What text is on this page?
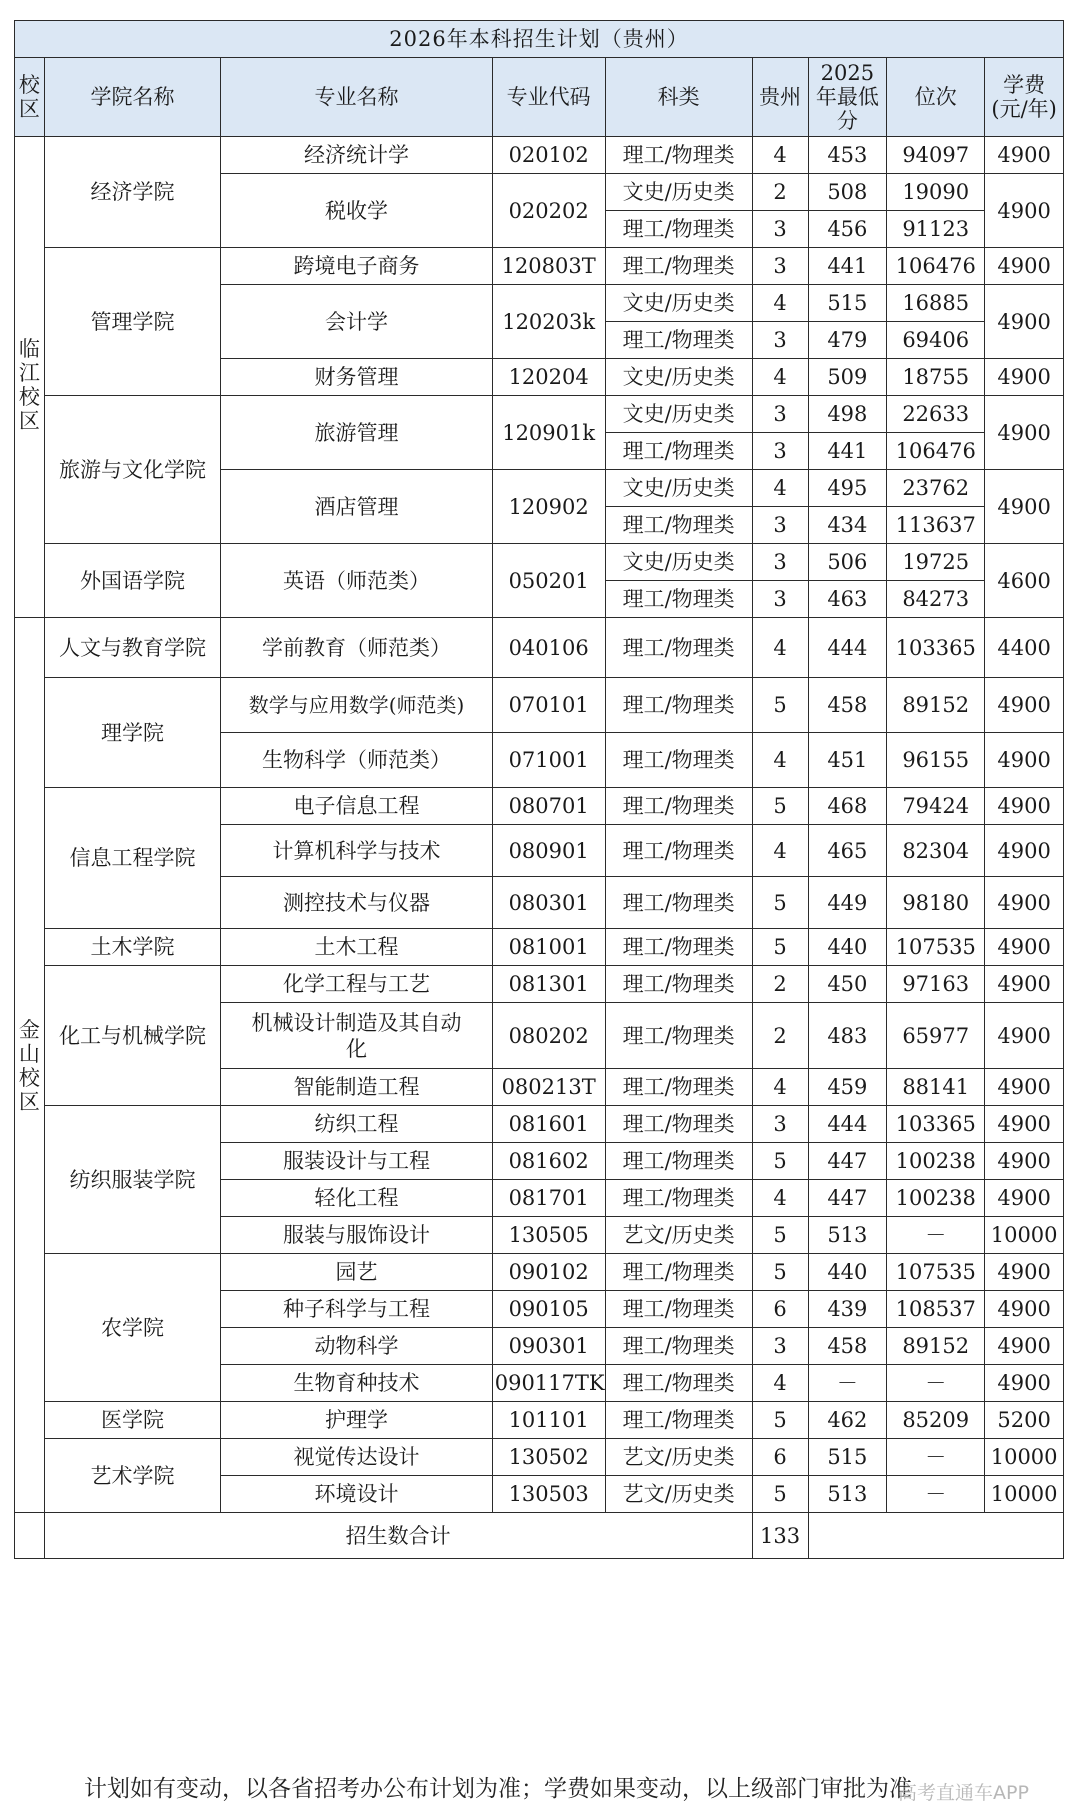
2026年本科招生计划（贵州）								
校区	学院名称	专业名称	专业代码	科类	贵州	2025年最低分	位次	学费(元/年)
临江校区	经济学院	经济统计学	020102	理工/物理类	4	453	94097	4900
		税收学	020202	文史/历史类	2	508	19090	4900
				理工/物理类	3	456	91123	
	管理学院	跨境电子商务	120803T	理工/物理类	3	441	106476	4900
		会计学	120203k	文史/历史类	4	515	16885	4900
				理工/物理类	3	479	69406	
		财务管理	120204	文史/历史类	4	509	18755	4900
	旅游与文化学院	旅游管理	120901k	文史/历史类	3	498	22633	4900
				理工/物理类	3	441	106476	
		酒店管理	120902	文史/历史类	4	495	23762	4900
				理工/物理类	3	434	113637	
	外国语学院	英语（师范类）	050201	文史/历史类	3	506	19725	4600
				理工/物理类	3	463	84273	
金山校区	人文与教育学院	学前教育（师范类）	040106	理工/物理类	4	444	103365	4400
	理学院	数学与应用数学(师范类)	070101	理工/物理类	5	458	89152	4900
		生物科学（师范类）	071001	理工/物理类	4	451	96155	4900
	信息工程学院	电子信息工程	080701	理工/物理类	5	468	79424	4900
		计算机科学与技术	080901	理工/物理类	4	465	82304	4900
		测控技术与仪器	080301	理工/物理类	5	449	98180	4900
	土木学院	土木工程	081001	理工/物理类	5	440	107535	4900
	化工与机械学院	化学工程与工艺	081301	理工/物理类	2	450	97163	4900
		机械设计制造及其自动化	080202	理工/物理类	2	483	65977	4900
		智能制造工程	080213T	理工/物理类	4	459	88141	4900
	纺织服装学院	纺织工程	081601	理工/物理类	3	444	103365	4900
		服装设计与工程	081602	理工/物理类	5	447	100238	4900
		轻化工程	081701	理工/物理类	4	447	100238	4900
		服装与服饰设计	130505	艺文/历史类	5	513	－	10000
	农学院	园艺	090102	理工/物理类	5	440	107535	4900
		种子科学与工程	090105	理工/物理类	6	439	108537	4900
		动物科学	090301	理工/物理类	3	458	89152	4900
		生物育种技术	090117TK	理工/物理类	4	－	－	4900
	医学院	护理学	101101	理工/物理类	5	462	85209	5200
	艺术学院	视觉传达设计	130502	艺文/历史类	6	515	－	10000
		环境设计	130503	艺文/历史类	5	513	－	10000
	招生数合计				133			
计划如有变动，以各省招考办公布计划为准；学费如果变动，以上级部门审批为准
高考直通车APP
